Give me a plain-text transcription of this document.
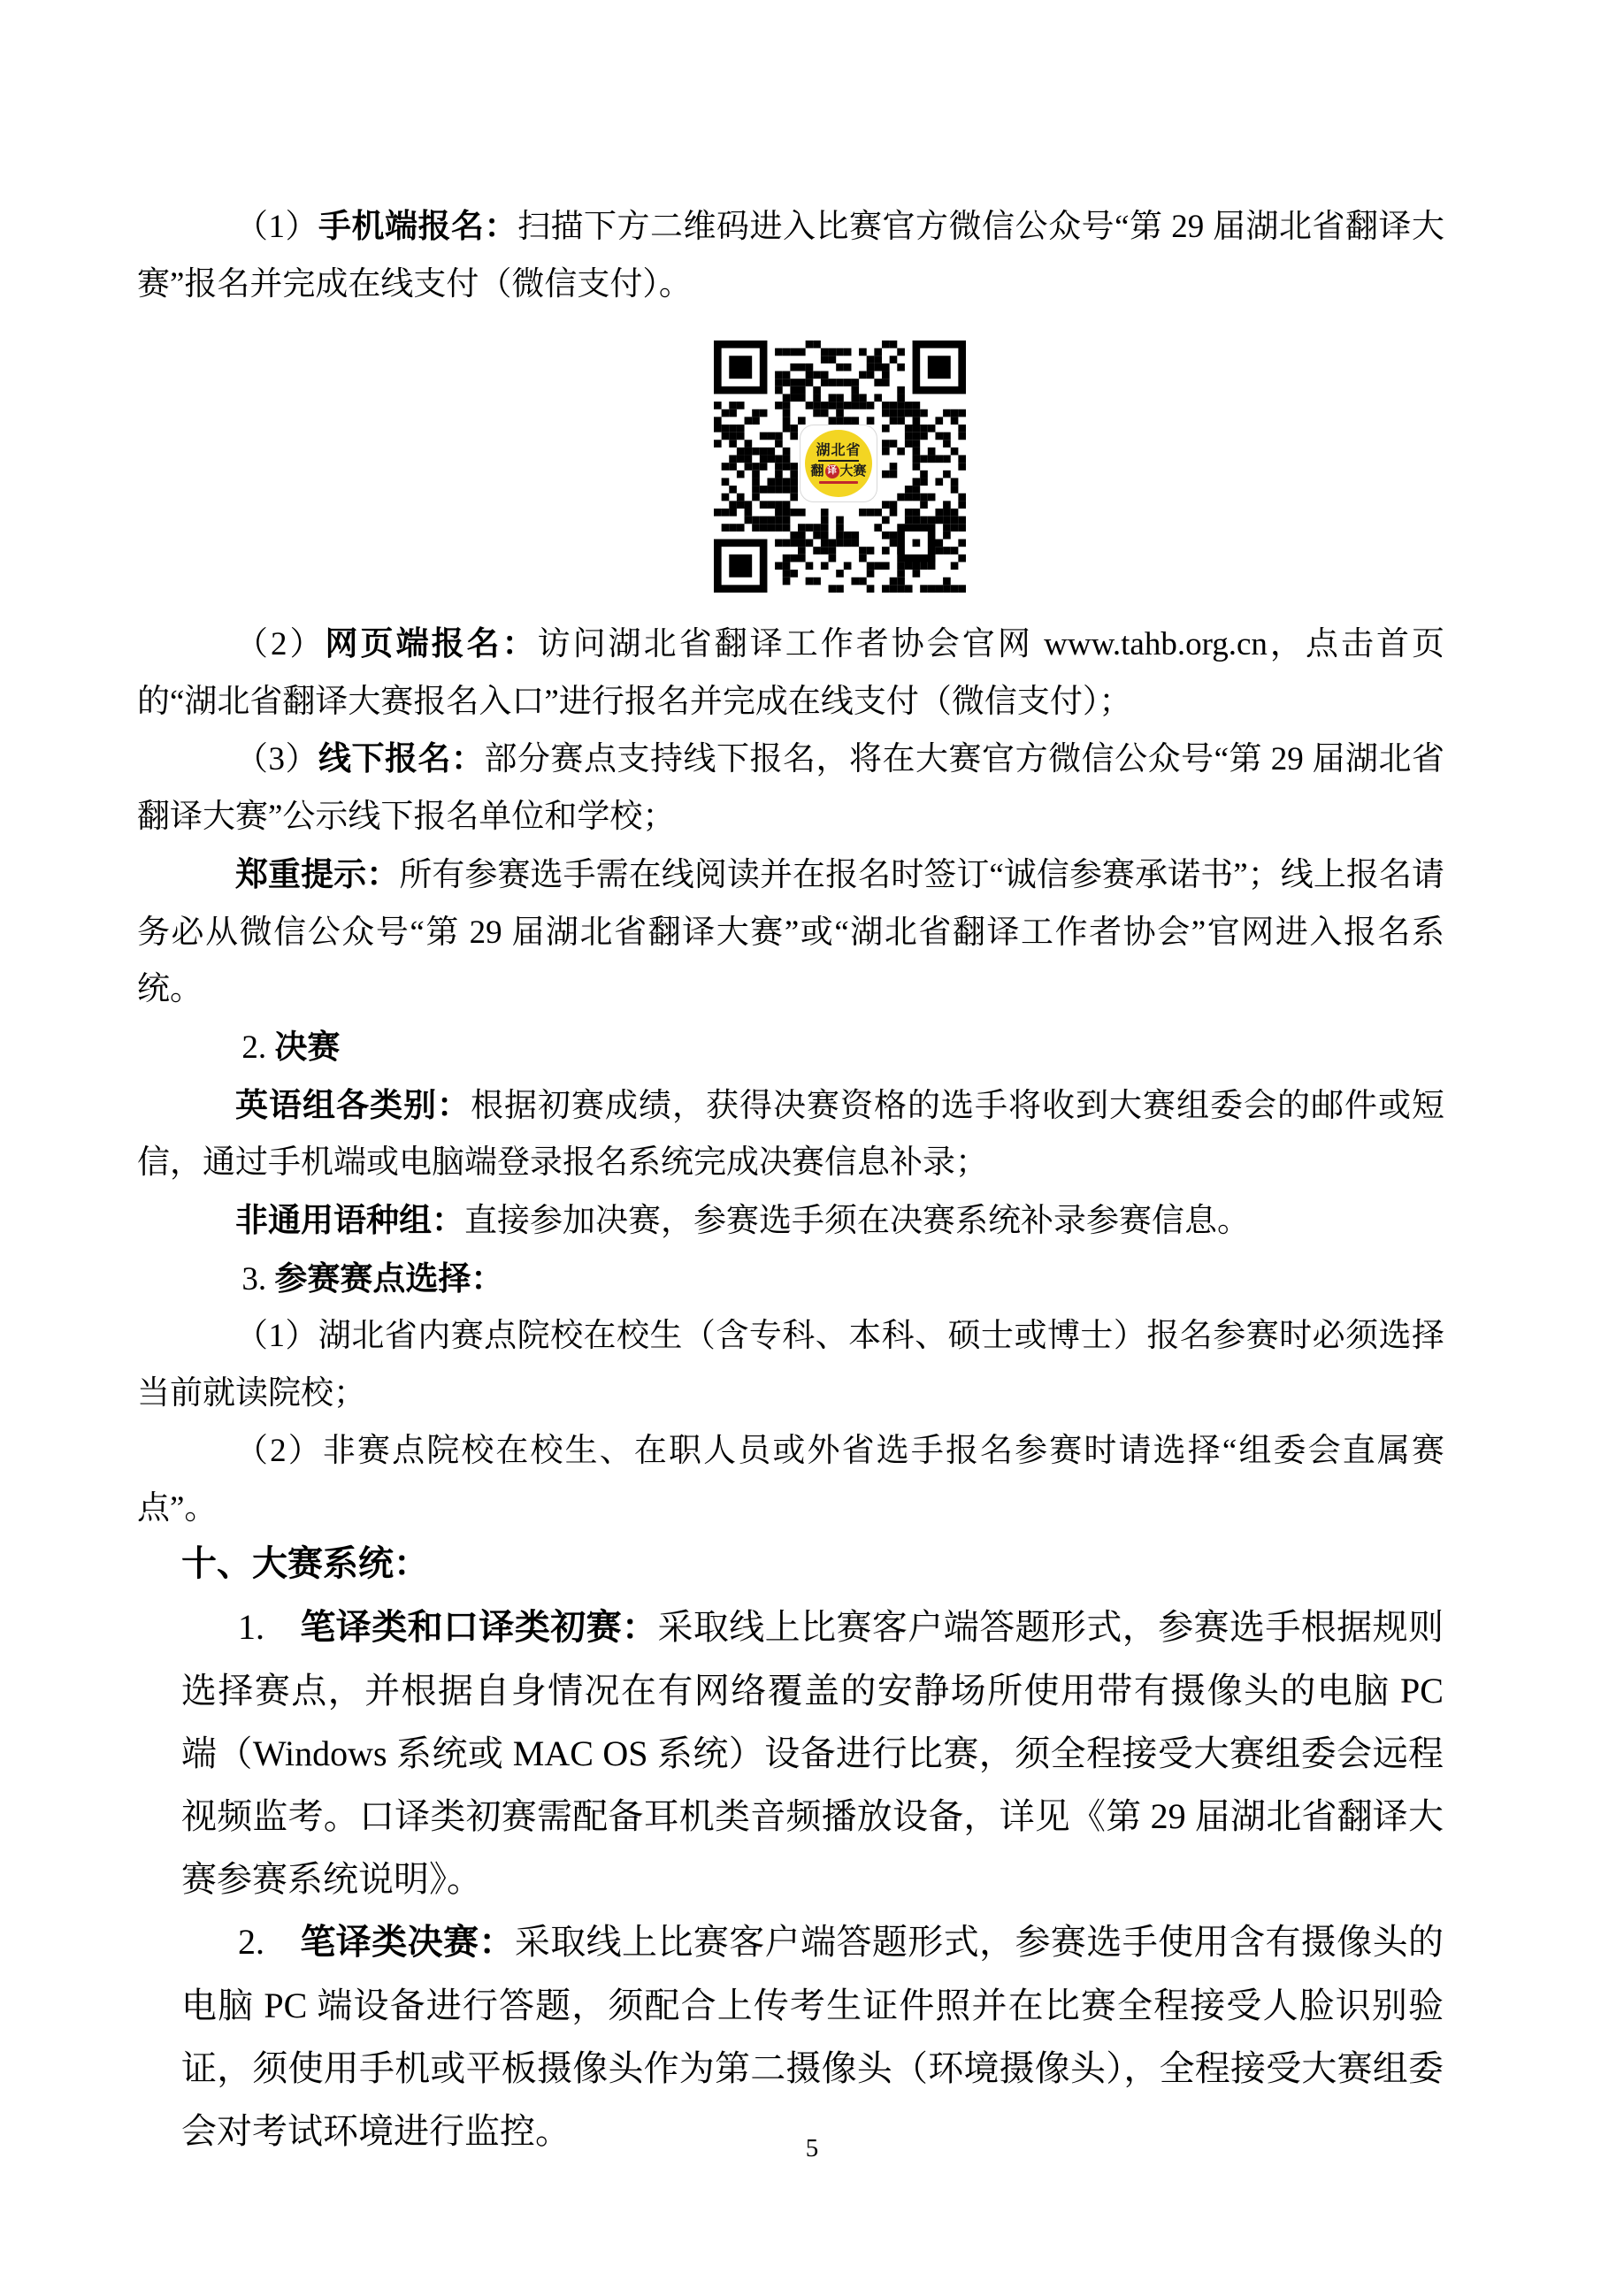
（1）手机端报名：扫描下方二维码进入比赛官方微信公众号“第 29 届湖北省翻译大赛”报名并完成在线支付（微信支付）。

湖北省
翻 译 大赛

（2）网页端报名：访问湖北省翻译工作者协会官网 www.tahb.org.cn，点击首页的“湖北省翻译大赛报名入口”进行报名并完成在线支付（微信支付）；

（3）线下报名：部分赛点支持线下报名，将在大赛官方微信公众号“第 29 届湖北省翻译大赛”公示线下报名单位和学校；

郑重提示：所有参赛选手需在线阅读并在报名时签订“诚信参赛承诺书”；线上报名请务必从微信公众号“第 29 届湖北省翻译大赛”或“湖北省翻译工作者协会”官网进入报名系统。

2. 决赛

英语组各类别：根据初赛成绩，获得决赛资格的选手将收到大赛组委会的邮件或短信，通过手机端或电脑端登录报名系统完成决赛信息补录；

非通用语种组：直接参加决赛，参赛选手须在决赛系统补录参赛信息。

3. 参赛赛点选择：

（1）湖北省内赛点院校在校生（含专科、本科、硕士或博士）报名参赛时必须选择当前就读院校；

（2）非赛点院校在校生、在职人员或外省选手报名参赛时请选择“组委会直属赛点”。

十、大赛系统：

1. 笔译类和口译类初赛：采取线上比赛客户端答题形式，参赛选手根据规则选择赛点，并根据自身情况在有网络覆盖的安静场所使用带有摄像头的电脑 PC 端（Windows 系统或 MAC OS 系统）设备进行比赛，须全程接受大赛组委会远程视频监考。口译类初赛需配备耳机类音频播放设备，详见《第 29 届湖北省翻译大赛参赛系统说明》。

2. 笔译类决赛：采取线上比赛客户端答题形式，参赛选手使用含有摄像头的电脑 PC 端设备进行答题，须配合上传考生证件照并在比赛全程接受人脸识别验证，须使用手机或平板摄像头作为第二摄像头（环境摄像头），全程接受大赛组委会对考试环境进行监控。	5
